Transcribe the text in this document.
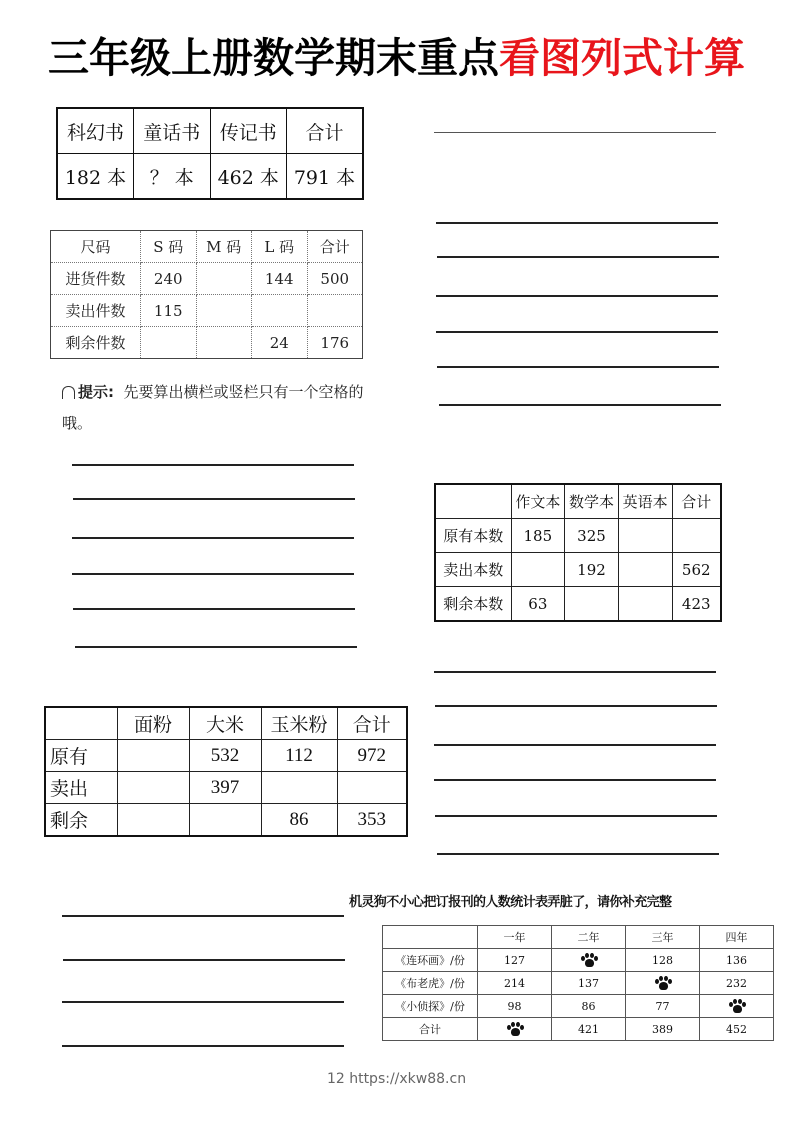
三年级上册数学期末重点看图列式计算
科幻书	童话书	传记书	合计
182 本	？ 本	462 本	791 本
尺码	S 码	M 码	L 码	合计
进货件数	240		144	500
卖出件数	115			
剩余件数			24	176
提示: 先要算出横栏或竖栏只有一个空格的哦。
	作文本	数学本	英语本	合计
原有本数	185	325		
卖出本数		192		562
剩余本数	63			423
	面粉	大米	玉米粉	合计
原有		532	112	972
卖出		397		
剩余			86	353
机灵狗不小心把订报刊的人数统计表弄脏了，请你补充完整
	一年	二年	三年	四年
《连环画》/份	127		128	136
《布老虎》/份	214	137		232
《小侦探》/份	98	86	77	

合计		421	389	452
12 https://xkw88.cn
